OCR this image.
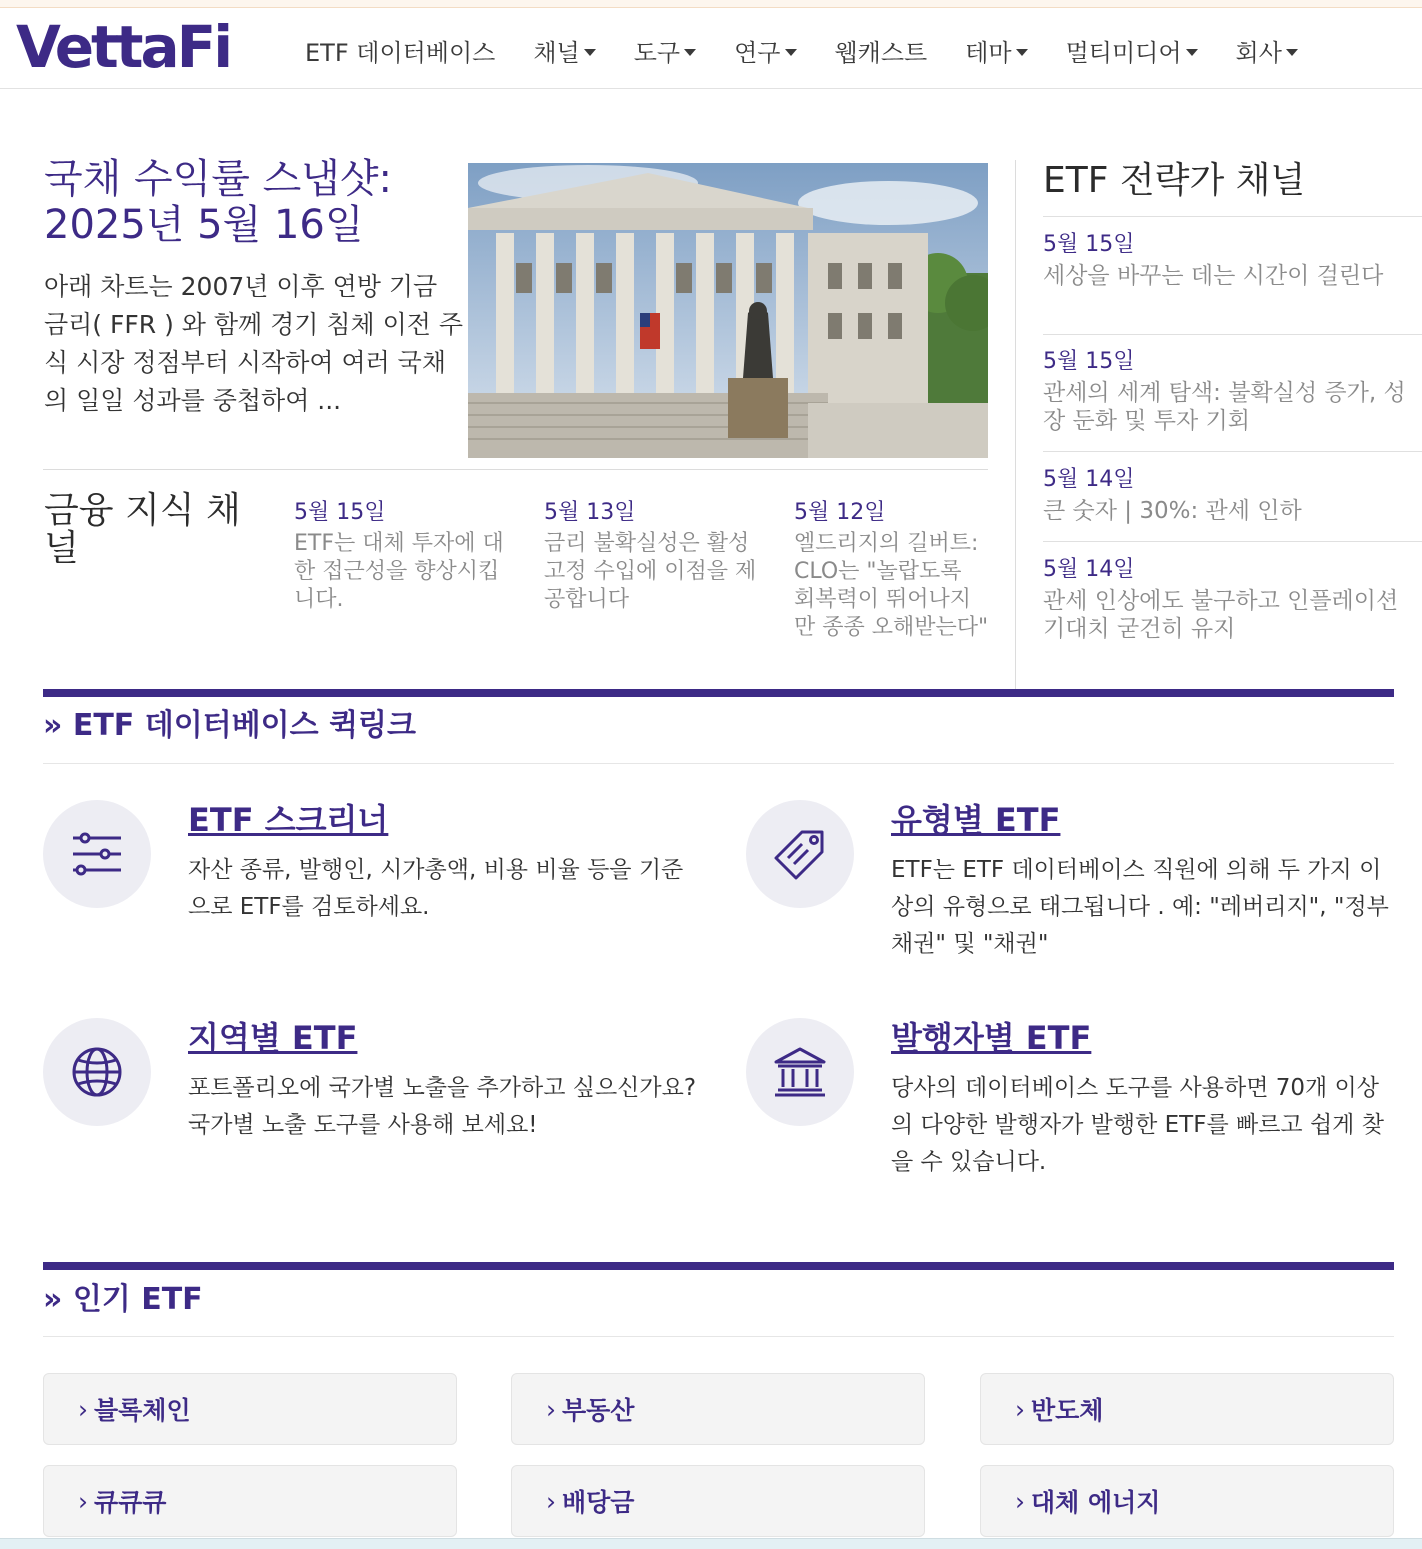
VettaFi	ETF 데이터베이스 채널 도구 연구 웹캐스트 테마 멀티미디어 회사
국채 수익률 스냅샷: 2025년 5월 16일
아래 차트는 2007년 이후 연방 기금 금리( FFR ) 와 함께 경기 침체 이전 주식 시장 정점부터 시작하여 여러 국채의 일일 성과를 중첩하여 ...
금융 지식 채널
5월 15일
ETF는 대체 투자에 대한 접근성을 향상시킵니다.
5월 13일
금리 불확실성은 활성 고정 수입에 이점을 제공합니다
5월 12일
엘드리지의 길버트: CLO는 "놀랍도록 회복력이 뛰어나지만 종종 오해받는다"
ETF 전략가 채널
5월 15일
세상을 바꾸는 데는 시간이 걸린다
5월 15일
관세의 세계 탐색: 불확실성 증가, 성장 둔화 및 투자 기회
5월 14일
큰 숫자 | 30%: 관세 인하
5월 14일
관세 인상에도 불구하고 인플레이션 기대치 굳건히 유지
» ETF 데이터베이스 퀵링크
ETF 스크리너
자산 종류, 발행인, 시가총액, 비용 비율 등을 기준으로 ETF를 검토하세요.
유형별 ETF
ETF는 ETF 데이터베이스 직원에 의해 두 가지 이상의 유형으로 태그됩니다 . 예: "레버리지", "정부 채권" 및 "채권"
지역별 ETF
포트폴리오에 국가별 노출을 추가하고 싶으신가요? 국가별 노출 도구를 사용해 보세요!
발행자별 ETF
당사의 데이터베이스 도구를 사용하면 70개 이상의 다양한 발행자가 발행한 ETF를 빠르고 쉽게 찾을 수 있습니다.
» 인기 ETF
› 블록체인	› 부동산	› 반도체
› 큐큐큐	› 배당금	› 대체 에너지
